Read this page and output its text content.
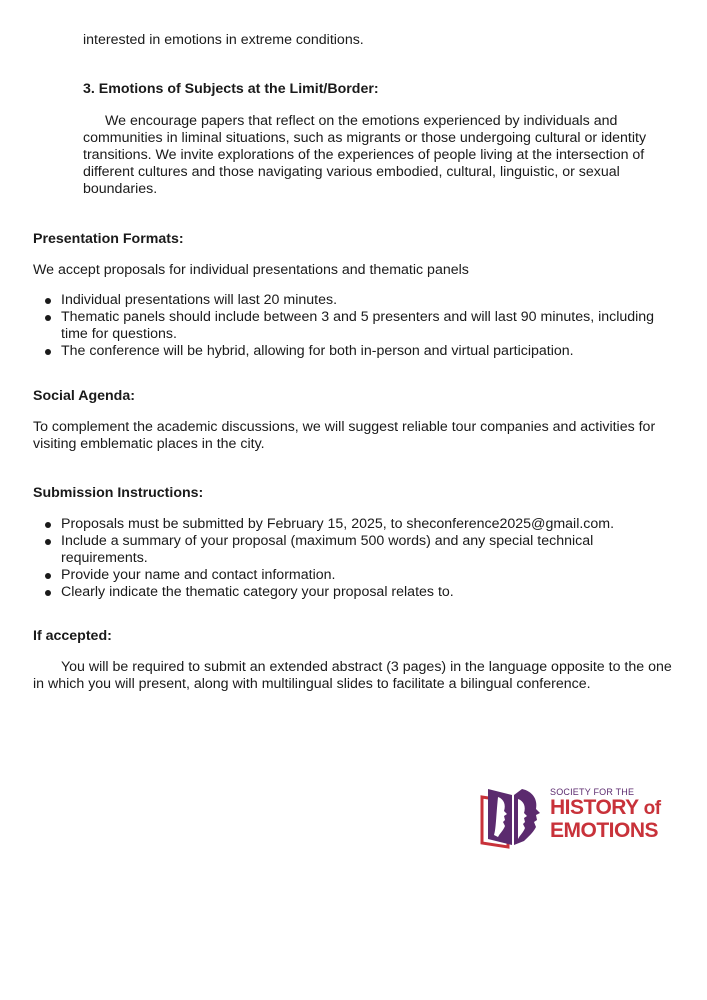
interested in emotions in extreme conditions.

3. Emotions of Subjects at the Limit/Border:

We encourage papers that reflect on the emotions experienced by individuals and communities in liminal situations, such as migrants or those undergoing cultural or identity transitions. We invite explorations of the experiences of people living at the intersection of different cultures and those navigating various embodied, cultural, linguistic, or sexual boundaries.

Presentation Formats:

We accept proposals for individual presentations and thematic panels

Individual presentations will last 20 minutes.
Thematic panels should include between 3 and 5 presenters and will last 90 minutes, including time for questions.
The conference will be hybrid, allowing for both in-person and virtual participation.

Social Agenda:

To complement the academic discussions, we will suggest reliable tour companies and activities for visiting emblematic places in the city.

Submission Instructions:

Proposals must be submitted by February 15, 2025, to sheconference2025@gmail.com.
Include a summary of your proposal (maximum 500 words) and any special technical requirements.
Provide your name and contact information.
Clearly indicate the thematic category your proposal relates to.

If accepted:

You will be required to submit an extended abstract (3 pages) in the language opposite to the one in which you will present, along with multilingual slides to facilitate a bilingual conference.

SOCIETY FOR THE
HISTORY of
EMOTIONS
